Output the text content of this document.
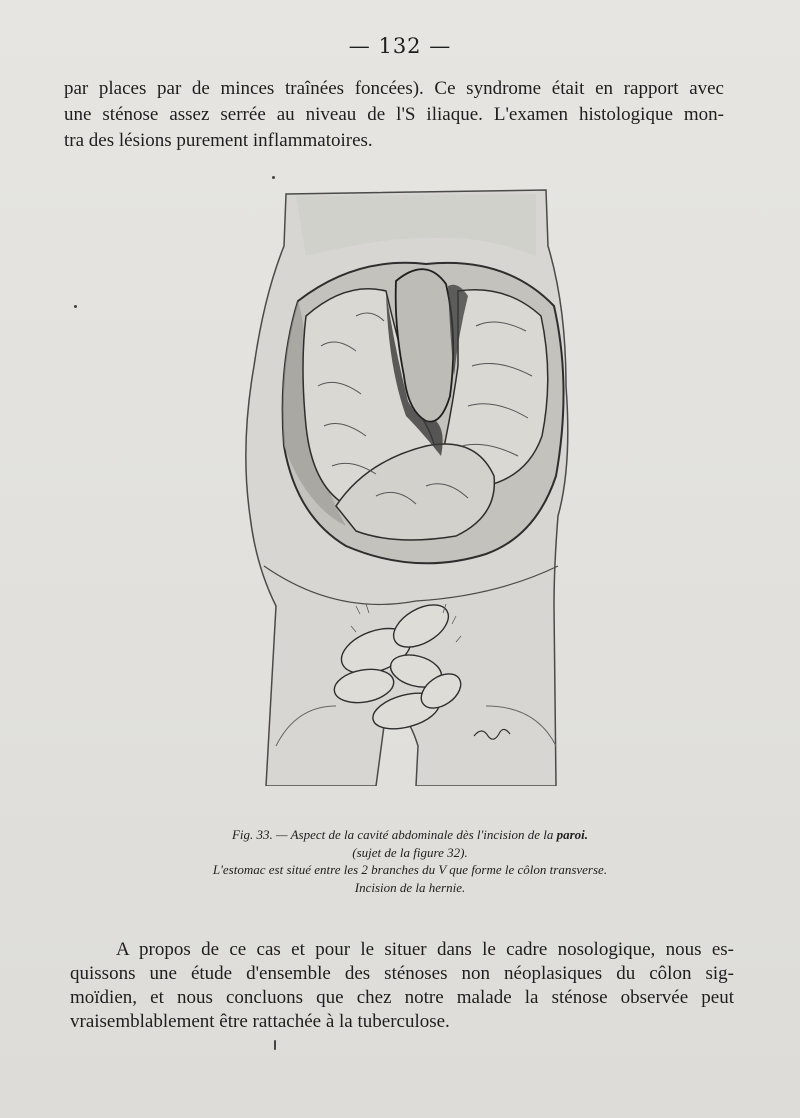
— 132 —
par places par de minces traînées foncées). Ce syndrome était en rapport avec
une sténose assez serrée au niveau de l'S iliaque. L'examen histologique mon-
tra des lésions purement inflammatoires.
Fig. 33. — Aspect de la cavité abdominale dès l'incision de la paroi.
(sujet de la figure 32).
L'estomac est situé entre les 2 branches du V que forme le côlon transverse.
Incision de la hernie.
A propos de ce cas et pour le situer dans le cadre nosologique, nous es-
quissons une étude d'ensemble des sténoses non néoplasiques du côlon sig-
moïdien, et nous concluons que chez notre malade la sténose observée peut
vraisemblablement être rattachée à la tuberculose.
